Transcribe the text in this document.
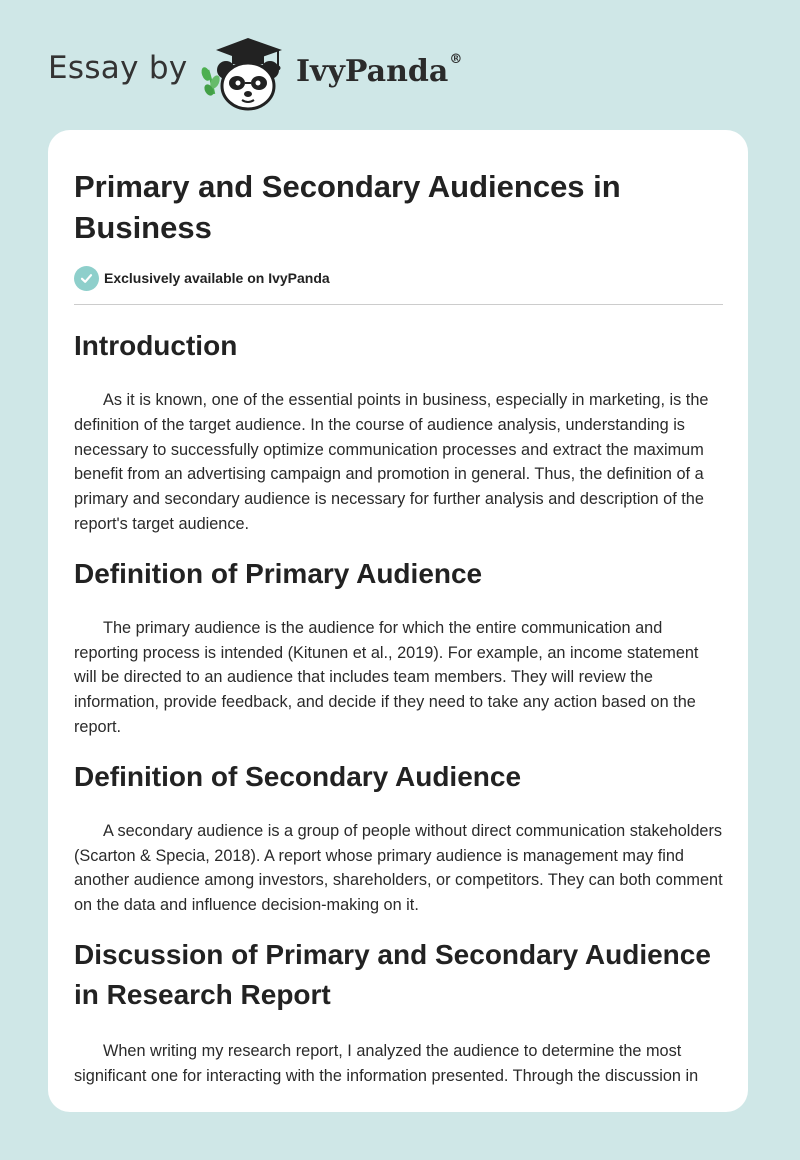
Essay by	IvyPanda®
Primary and Secondary Audiences in Business
Exclusively available on IvyPanda
Introduction

As it is known, one of the essential points in business, especially in marketing, is the definition of the target audience. In the course of audience analysis, understanding is necessary to successfully optimize communication processes and extract the maximum benefit from an advertising campaign and promotion in general. Thus, the definition of a primary and secondary audience is necessary for further analysis and description of the report's target audience.

Definition of Primary Audience

The primary audience is the audience for which the entire communication and reporting process is intended (Kitunen et al., 2019). For example, an income statement will be directed to an audience that includes team members. They will review the information, provide feedback, and decide if they need to take any action based on the report.

Definition of Secondary Audience

A secondary audience is a group of people without direct communication stakeholders (Scarton & Specia, 2018). A report whose primary audience is management may find another audience among investors, shareholders, or competitors. They can both comment on the data and influence decision-making on it.

Discussion of Primary and Secondary Audience in Research Report

When writing my research report, I analyzed the audience to determine the most significant one for interacting with the information presented. Through the discussion in
